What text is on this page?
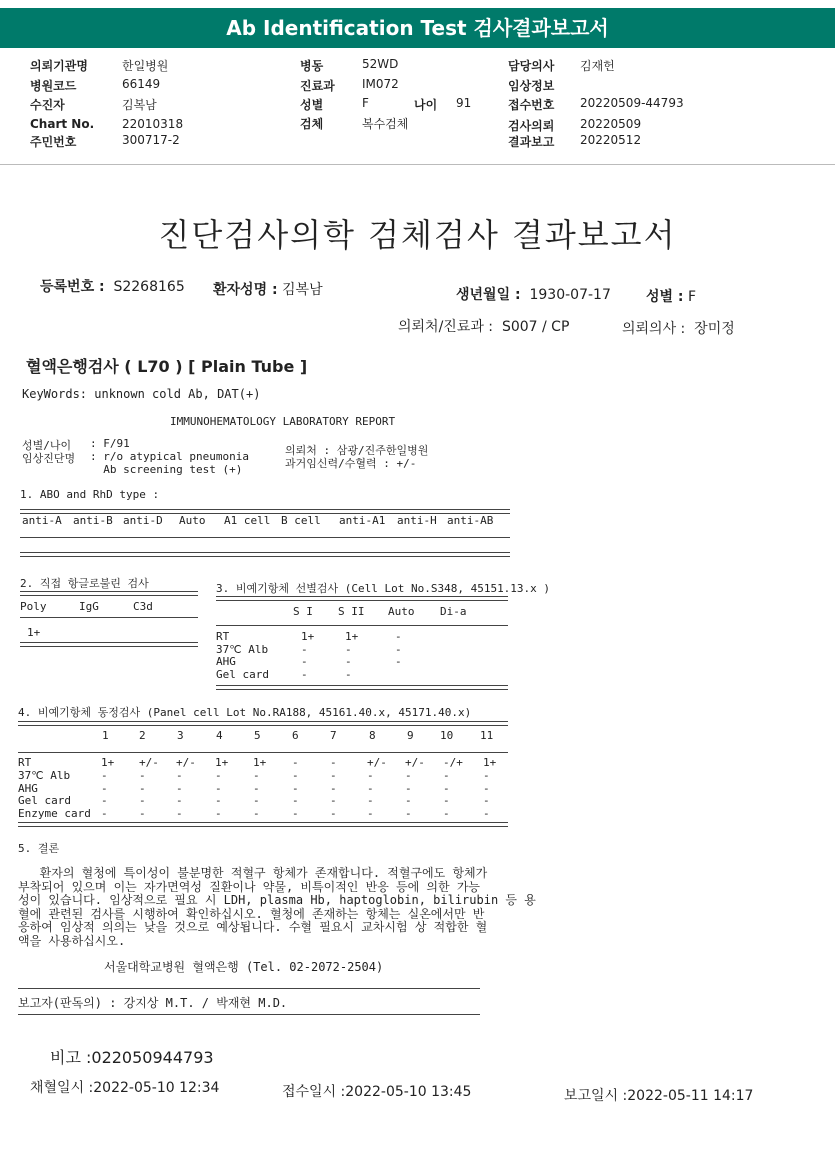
Ab Identification Test 검사결과보고서
의뢰기관명	한일병원
병원코드	66149
수진자	김복남
Chart No. 22010318
주민번호	300717-2
병동	52WD
진료과 IM072
성별	F
검체	복수검체
나이 91
담당의사 김재헌
임상정보
접수번호 20220509-44793
검사의뢰 20220509
결과보고 20220512
진단검사의학 검체검사 결과보고서
등록번호 : S2268165 환자성명 : 김복남	생년월일 : 1930-07-17	성별 : F
의뢰처/진료과 : S007 / CP	의뢰의사 : 장미정
혈액은행검사 ( L70 ) [ Plain Tube ]
KeyWords: unknown cold Ab, DAT(+)
IMMUNOHEMATOLOGY LABORATORY REPORT
성별/나이 : F/91
임상진단명 : r/o atypical pneumonia
Ab screening test (+)
의뢰처 : 삼광/진주한일병원
과거임신력/수혈력 : +/-
1. ABO and RhD type :
anti-A anti-B anti-D Auto A1 cell B cell anti-A1 anti-H anti-AB
2. 직접 항글로불린 검사
Poly	IgG	C3d
1+
3. 비예기항체 선별검사 (Cell Lot No.S348, 45151.13.x )
S I S II Auto Di-a
RT	1+	1+	-
37℃ Alb	-	-	-
AHG	-	-	-
Gel card	-	-
4. 비예기항체 동정검사 (Panel cell Lot No.RA188, 45161.40.x, 45171.40.x)
1	2	3	4	5	6	7	8	9 10 11
RT	1+ +/- +/- 1+ 1+ -	-	+/- +/- -/+ 1+
37℃ Alb	-	-	-	-	-	-	-	-	-	-	-
AHG	-	-	-	-	-	-	-	-	-	-	-
Gel card	-	-	-	-	-	-	-	-	-	-	-
Enzyme card -	-	-	-	-	-	-	-	-	-	-
5. 결론
환자의 혈청에 특이성이 불분명한 적혈구 항체가 존재합니다. 적혈구에도 항체가
부착되어 있으며 이는 자가면역성 질환이나 약물, 비특이적인 반응 등에 의한 가능
성이 있습니다. 임상적으로 필요 시 LDH, plasma Hb, haptoglobin, bilirubin 등 용
혈에 관련된 검사를 시행하여 확인하십시오. 혈청에 존재하는 항체는 실온에서만 반
응하여 임상적 의의는 낮을 것으로 예상됩니다. 수혈 필요시 교차시험 상 적합한 혈
액을 사용하십시오.
서울대학교병원 혈액은행 (Tel. 02-2072-2504)
보고자(판독의) : 강지상 M.T. / 박재현 M.D.
비고 :022050944793
채혈일시 :2022-05-10 12:34	접수일시 :2022-05-10 13:45	보고일시 :2022-05-11 14:17
